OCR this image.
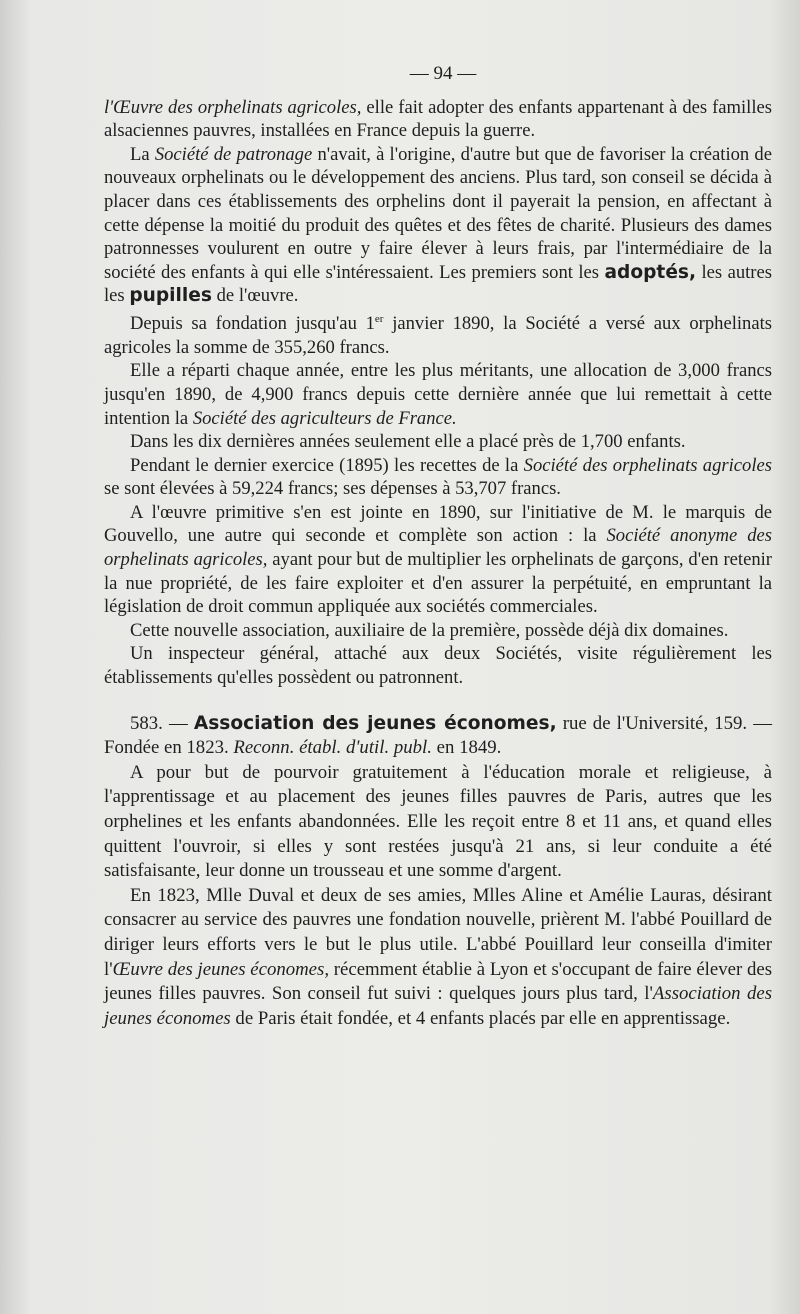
— 94 —

l'Œuvre des orphelinats agricoles, elle fait adopter des enfants appartenant à des familles alsaciennes pauvres, installées en France depuis la guerre.

La Société de patronage n'avait, à l'origine, d'autre but que de favoriser la création de nouveaux orphelinats ou le développement des anciens. Plus tard, son conseil se décida à placer dans ces établissements des orphelins dont il payerait la pension, en affectant à cette dépense la moitié du produit des quêtes et des fêtes de charité. Plusieurs des dames patronnesses voulurent en outre y faire élever à leurs frais, par l'intermédiaire de la société des enfants à qui elle s'intéressaient. Les premiers sont les adoptés, les autres les pupilles de l'œuvre.

Depuis sa fondation jusqu'au 1er janvier 1890, la Société a versé aux orphelinats agricoles la somme de 355,260 francs.

Elle a réparti chaque année, entre les plus méritants, une allocation de 3,000 francs jusqu'en 1890, de 4,900 francs depuis cette dernière année que lui remettait à cette intention la Société des agriculteurs de France.

Dans les dix dernières années seulement elle a placé près de 1,700 enfants.

Pendant le dernier exercice (1895) les recettes de la Société des orphelinats agricoles se sont élevées à 59,224 francs; ses dépenses à 53,707 francs.

A l'œuvre primitive s'en est jointe en 1890, sur l'initiative de M. le marquis de Gouvello, une autre qui seconde et complète son action : la Société anonyme des orphelinats agricoles, ayant pour but de multiplier les orphelinats de garçons, d'en retenir la nue propriété, de les faire exploiter et d'en assurer la perpétuité, en empruntant la législation de droit commun appliquée aux sociétés commerciales.

Cette nouvelle association, auxiliaire de la première, possède déjà dix domaines.

Un inspecteur général, attaché aux deux Sociétés, visite régulièrement les établissements qu'elles possèdent ou patronnent.

583. — Association des jeunes économes, rue de l'Université, 159. — Fondée en 1823. Reconn. établ. d'util. publ. en 1849.

A pour but de pourvoir gratuitement à l'éducation morale et religieuse, à l'apprentissage et au placement des jeunes filles pauvres de Paris, autres que les orphelines et les enfants abandonnées. Elle les reçoit entre 8 et 11 ans, et quand elles quittent l'ouvroir, si elles y sont restées jusqu'à 21 ans, si leur conduite a été satisfaisante, leur donne un trousseau et une somme d'argent.

En 1823, Mlle Duval et deux de ses amies, Mlles Aline et Amélie Lauras, désirant consacrer au service des pauvres une fondation nouvelle, prièrent M. l'abbé Pouillard de diriger leurs efforts vers le but le plus utile. L'abbé Pouillard leur conseilla d'imiter l'Œuvre des jeunes économes, récemment établie à Lyon et s'occupant de faire élever des jeunes filles pauvres. Son conseil fut suivi : quelques jours plus tard, l'Association des jeunes économes de Paris était fondée, et 4 enfants placés par elle en apprentissage.
